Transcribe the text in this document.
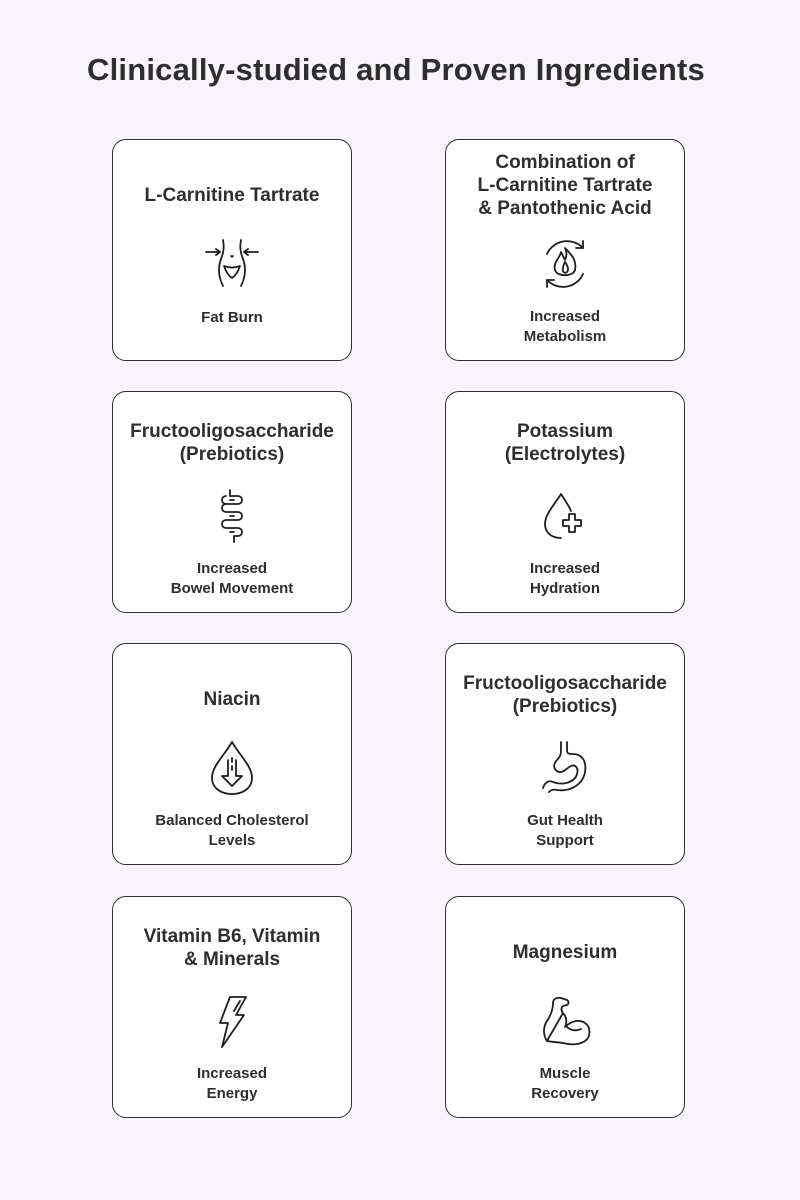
Clinically-studied and Proven Ingredients
L-Carnitine Tartrate
Fat Burn
Combination of
L-Carnitine Tartrate
& Pantothenic Acid
Increased
Metabolism
Fructooligosaccharide
(Prebiotics)
Increased
Bowel Movement
Potassium
(Electrolytes)
Increased
Hydration
Niacin
Balanced Cholesterol
Levels
Fructooligosaccharide
(Prebiotics)
Gut Health
Support
Vitamin B6, Vitamin
& Minerals
Increased
Energy
Magnesium
Muscle
Recovery
